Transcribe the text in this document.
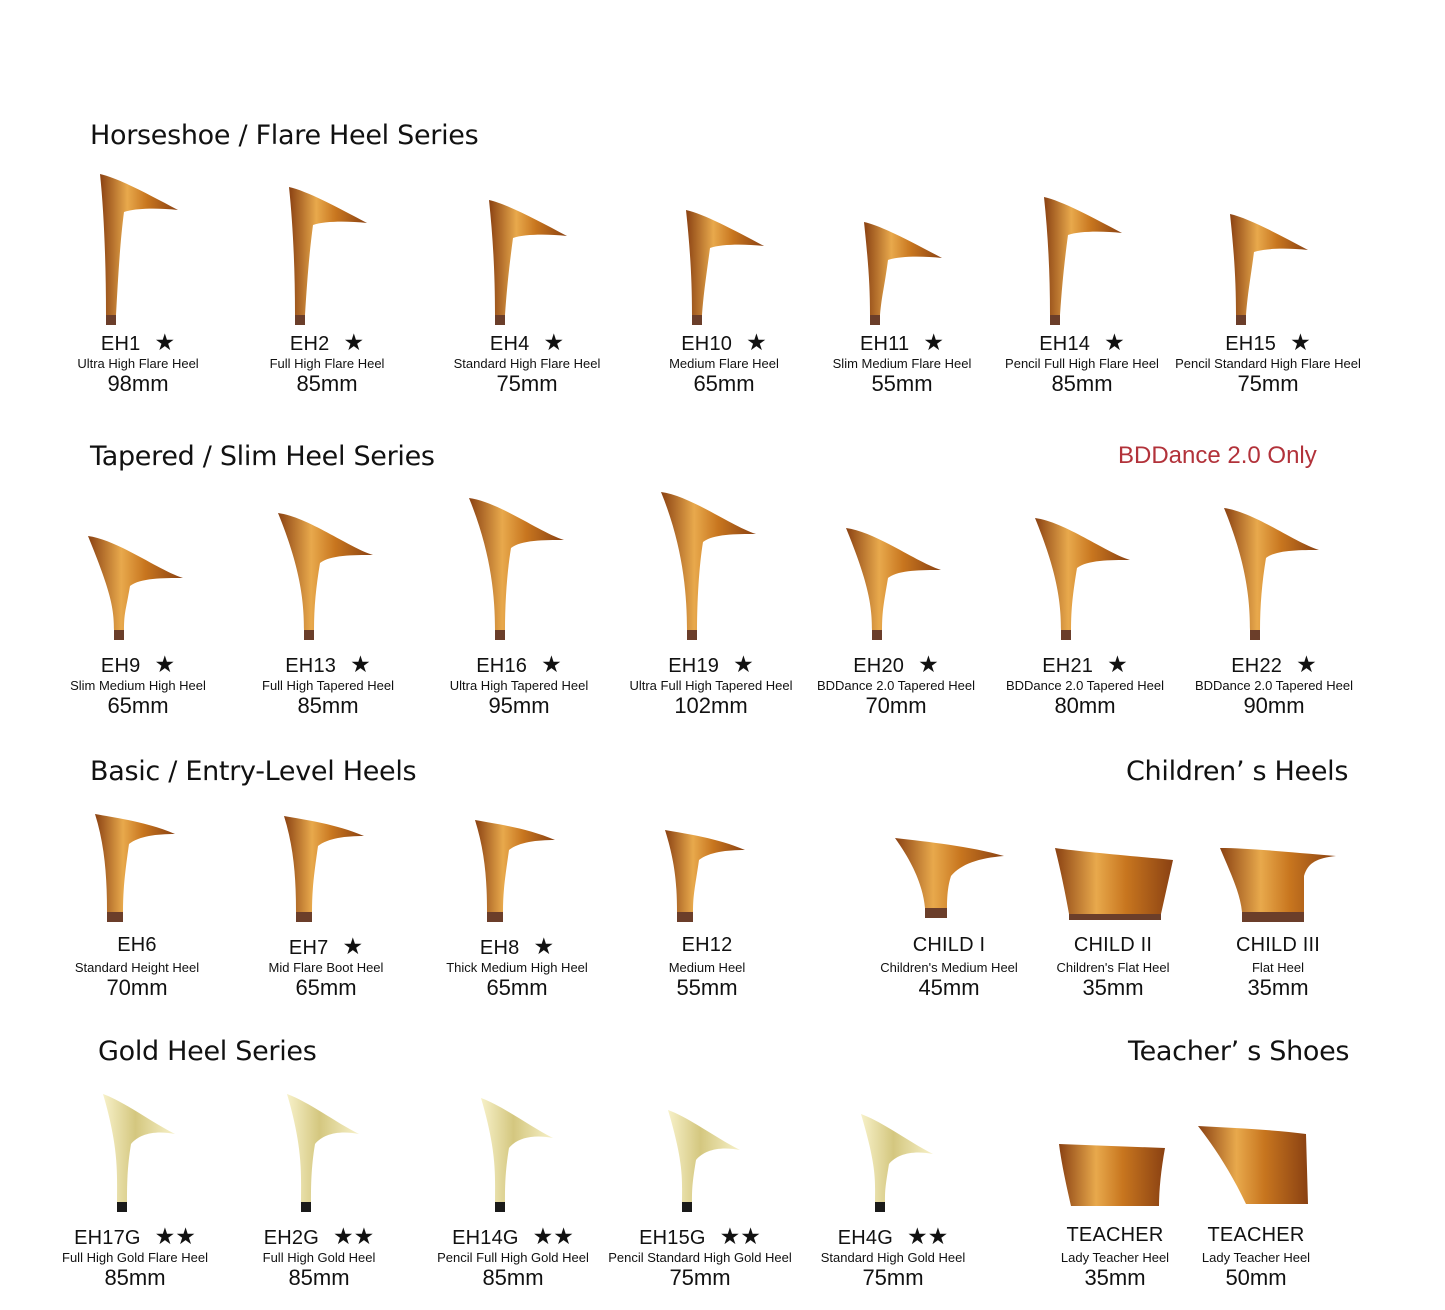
Horseshoe / Flare Heel Series
Tapered / Slim Heel Series	BDDance 2.0 Only
Basic / Entry-Level Heels	Children’ s Heels
Gold Heel Series	Teacher’ s Shoes
EH1 ★
Ultra High Flare Heel
98mm
EH2 ★
Full High Flare Heel
85mm
EH4 ★
Standard High Flare Heel
75mm
EH10 ★
Medium Flare Heel
65mm
EH11 ★
Slim Medium Flare Heel
55mm
EH14 ★
Pencil Full High Flare Heel
85mm
EH15 ★
Pencil Standard High Flare Heel
75mm
EH9 ★
Slim Medium High Heel
65mm
EH13 ★
Full High Tapered Heel
85mm
EH16 ★
Ultra High Tapered Heel
95mm
EH19 ★
Ultra Full High Tapered Heel
102mm
EH20 ★
BDDance 2.0 Tapered Heel
70mm
EH21 ★
BDDance 2.0 Tapered Heel
80mm
EH22 ★
BDDance 2.0 Tapered Heel
90mm
EH6
Standard Height Heel
70mm
EH7 ★
Mid Flare Boot Heel
65mm
EH8 ★
Thick Medium High Heel
65mm
EH12
Medium Heel
55mm
CHILD I
Children's Medium Heel
45mm
CHILD II
Children's Flat Heel
35mm
CHILD III
Flat Heel
35mm
EH17G ★★
Full High Gold Flare Heel
85mm
EH2G ★★
Full High Gold Heel
85mm
EH14G ★★
Pencil Full High Gold Heel
85mm
EH15G ★★
Pencil Standard High Gold Heel
75mm
EH4G ★★
Standard High Gold Heel
75mm
TEACHER
Lady Teacher Heel
35mm
TEACHER
Lady Teacher Heel
50mm
